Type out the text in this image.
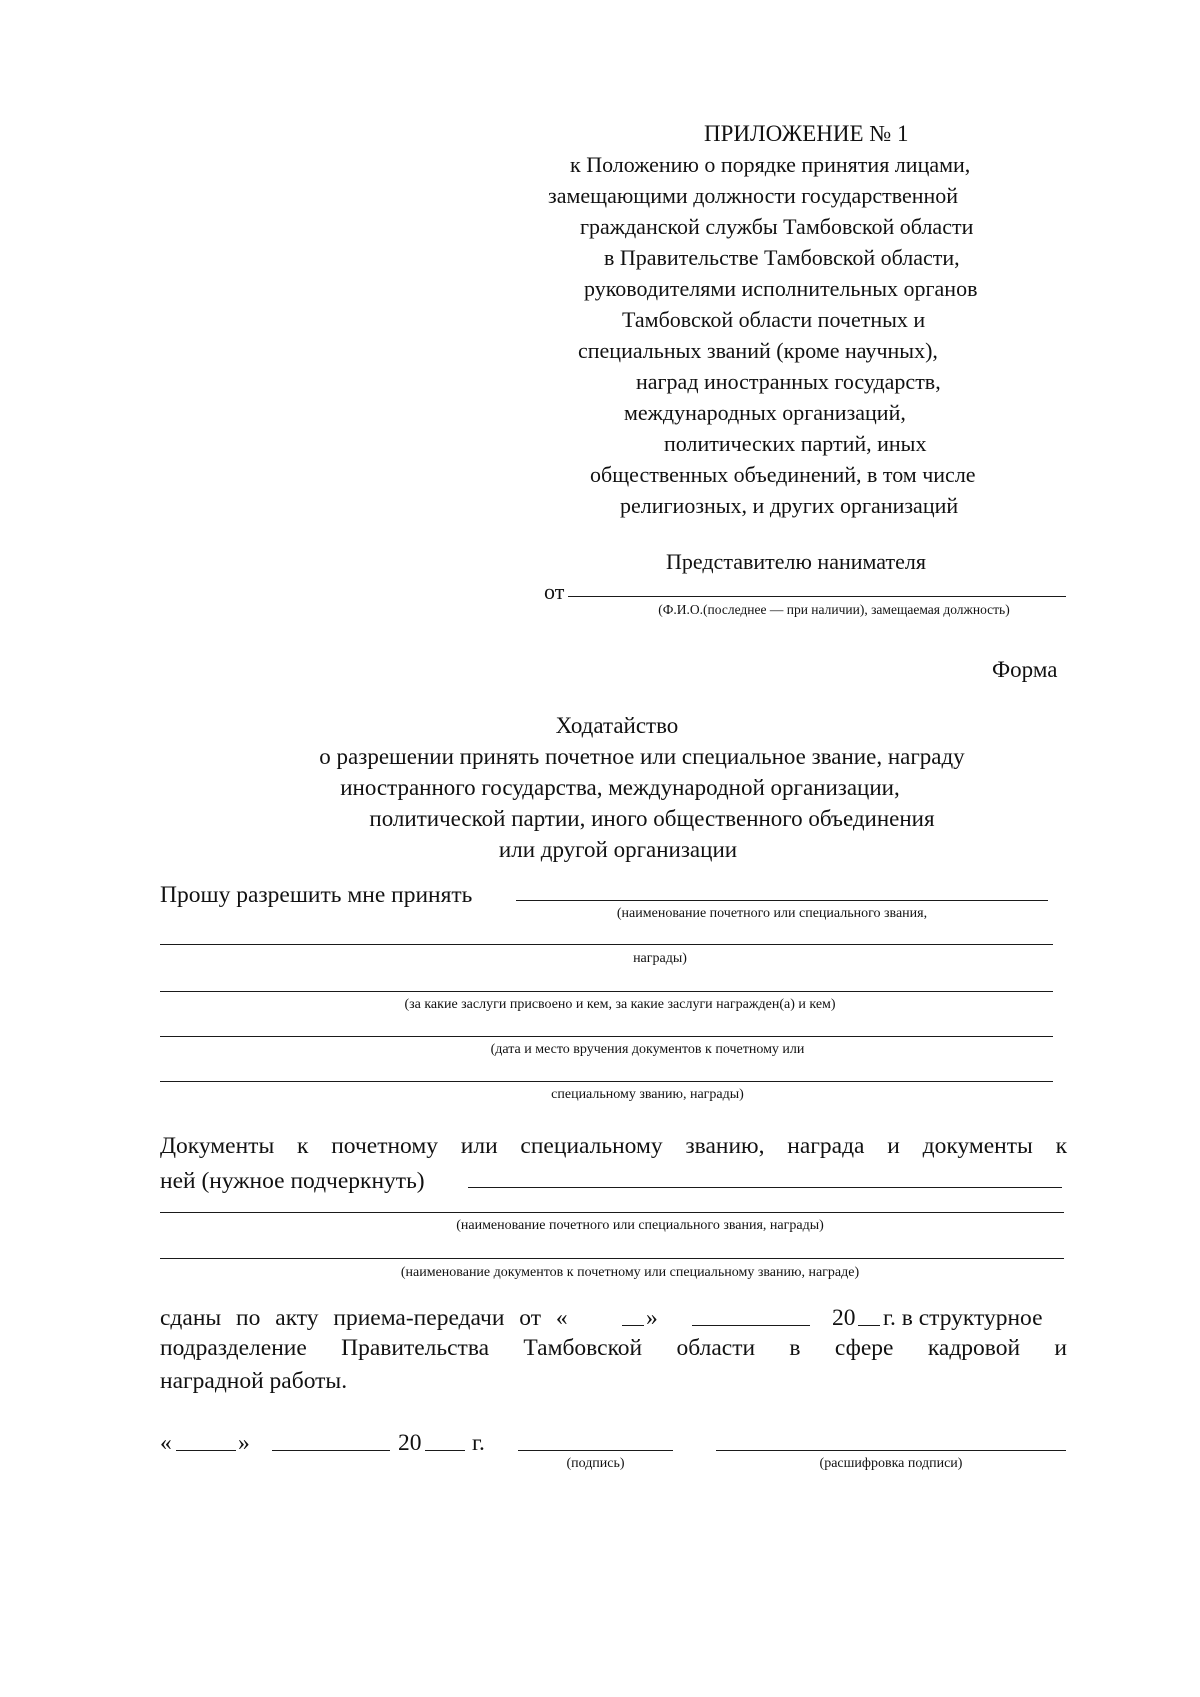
ПРИЛОЖЕНИЕ № 1
к Положению о порядке принятия лицами,
замещающими должности государственной
гражданской службы Тамбовской области
в Правительстве Тамбовской области,
руководителями исполнительных органов
Тамбовской области почетных и
специальных званий (кроме научных),
наград иностранных государств,
международных организаций,
политических партий, иных
общественных объединений, в том числе
религиозных, и других организаций
Представителю нанимателя
от
(Ф.И.О.(последнее — при наличии), замещаемая должность)
Форма
Ходатайство
о разрешении принять почетное или специальное звание, награду
иностранного государства, международной организации,
политической партии, иного общественного объединения
или другой организации
Прошу разрешить мне принять
(наименование почетного или специального звания,
награды)
(за какие заслуги присвоено и кем, за какие заслуги награжден(а) и кем)
(дата и место вручения документов к почетному или
специальному званию, награды)
Документы к почетному или специальному званию, награда и документы к
ней (нужное подчеркнуть)
(наименование почетного или специального звания, награды)
(наименование документов к почетному или специальному званию, награде)
сданы по акту приема-передачи от «	»	20 г. в структурное
подразделение Правительства Тамбовской области в сфере кадровой и
наградной работы.
«	»	20 г.
(подпись)	(расшифровка подписи)
